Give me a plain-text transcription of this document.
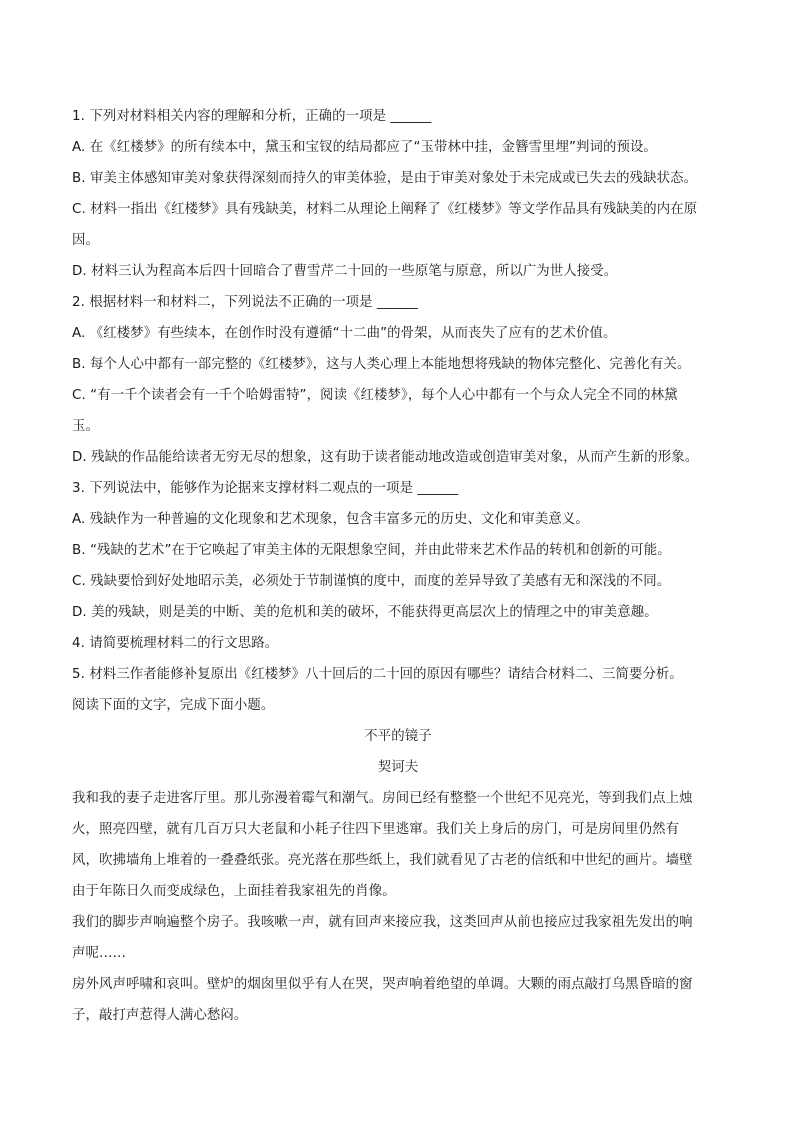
1. 下列对材料相关内容的理解和分析，正确的一项是 ______
A. 在《红楼梦》的所有续本中，黛玉和宝钗的结局都应了“玉带林中挂，金簪雪里埋”判词的预设。
B. 审美主体感知审美对象获得深刻而持久的审美体验，是由于审美对象处于未完成或已失去的残缺状态。
C. 材料一指出《红楼梦》具有残缺美，材料二从理论上阐释了《红楼梦》等文学作品具有残缺美的内在原
因。
D. 材料三认为程高本后四十回暗合了曹雪芹二十回的一些原笔与原意，所以广为世人接受。
2. 根据材料一和材料二，下列说法不正确的一项是 ______
A. 《红楼梦》有些续本，在创作时没有遵循“十二曲”的骨架，从而丧失了应有的艺术价值。
B. 每个人心中都有一部完整的《红楼梦》，这与人类心理上本能地想将残缺的物体完整化、完善化有关。
C. “有一千个读者会有一千个哈姆雷特”，阅读《红楼梦》，每个人心中都有一个与众人完全不同的林黛
玉。
D. 残缺的作品能给读者无穷无尽的想象，这有助于读者能动地改造或创造审美对象，从而产生新的形象。
3. 下列说法中，能够作为论据来支撑材料二观点的一项是 ______
A. 残缺作为一种普遍的文化现象和艺术现象，包含丰富多元的历史、文化和审美意义。
B. “残缺的艺术”在于它唤起了审美主体的无限想象空间，并由此带来艺术作品的转机和创新的可能。
C. 残缺要恰到好处地昭示美，必须处于节制谨慎的度中，而度的差异导致了美感有无和深浅的不同。
D. 美的残缺，则是美的中断、美的危机和美的破坏，不能获得更高层次上的情理之中的审美意趣。
4. 请简要梳理材料二的行文思路。
5. 材料三作者能修补复原出《红楼梦》八十回后的二十回的原因有哪些？请结合材料二、三简要分析。
阅读下面的文字，完成下面小题。
不平的镜子
契诃夫
我和我的妻子走进客厅里。那儿弥漫着霉气和潮气。房间已经有整整一个世纪不见亮光，等到我们点上烛
火，照亮四壁，就有几百万只大老鼠和小耗子往四下里逃窜。我们关上身后的房门，可是房间里仍然有
风，吹拂墙角上堆着的一叠叠纸张。亮光落在那些纸上，我们就看见了古老的信纸和中世纪的画片。墙壁
由于年陈日久而变成绿色，上面挂着我家祖先的肖像。
我们的脚步声响遍整个房子。我咳嗽一声，就有回声来接应我，这类回声从前也接应过我家祖先发出的响
声呢……
房外风声呼啸和哀叫。壁炉的烟囱里似乎有人在哭，哭声响着绝望的单调。大颗的雨点敲打乌黑昏暗的窗
子，敲打声惹得人满心愁闷。
